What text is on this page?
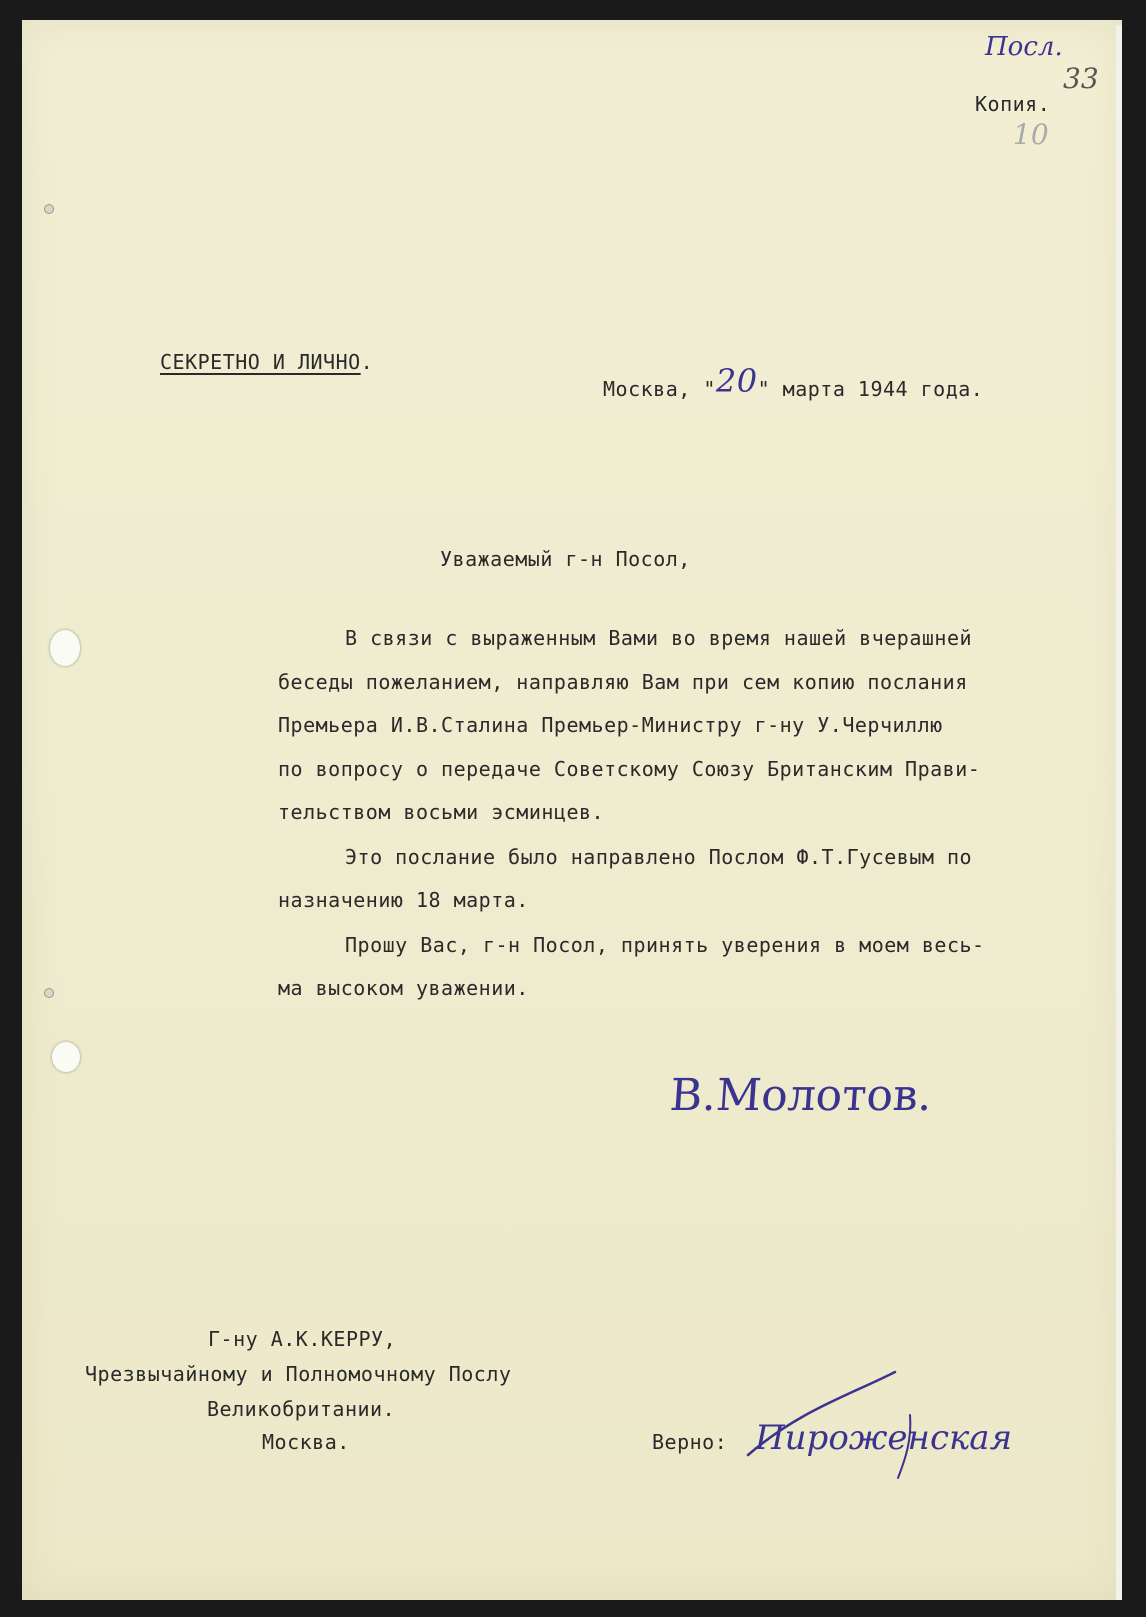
Посл.
33
Копия.
10
СЕКРЕТНО И ЛИЧНО.
Москва, "20" марта 1944 года.
Уважаемый г-н Посол,
В связи с выраженным Вами во время нашей вчерашней
беседы пожеланием, направляю Вам при сем копию послания
Премьера И.В.Сталина Премьер-Министру г-ну У.Черчиллю
по вопросу о передаче Советскому Союзу Британским Прави-
тельством восьми эсминцев.
Это послание было направлено Послом Ф.Т.Гусевым по
назначению 18 марта.
Прошу Вас, г-н Посол, принять уверения в моем весь-
ма высоком уважении.
В.Молотов.
Г-ну А.К.КЕРРУ,
Чрезвычайному и Полномочному Послу
Великобритании.
Москва.	Верно: Пироженская
